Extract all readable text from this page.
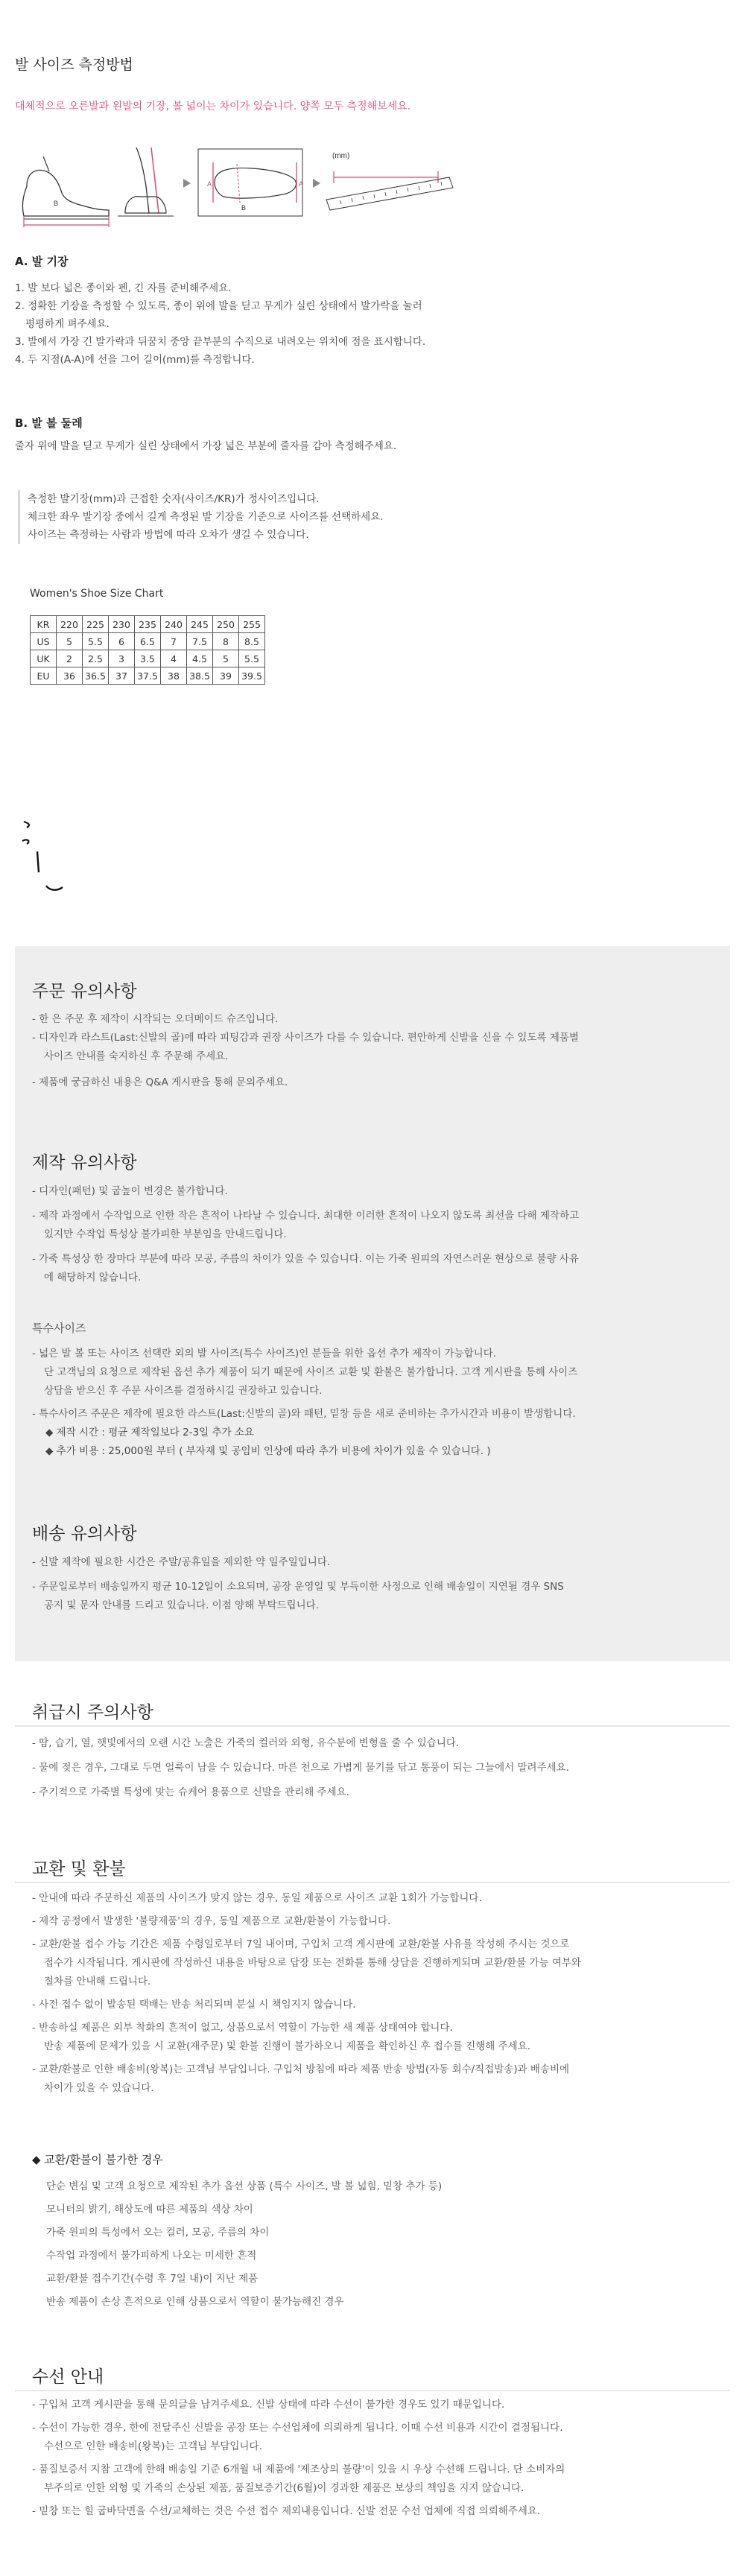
발 사이즈 측정방법
대체적으로 오른발과 왼발의 기장, 볼 넓이는 차이가 있습니다. 양쪽 모두 측정해보세요.
B
A	A
B
(mm)
A. 발 기장
1. 발 보다 넓은 종이와 펜, 긴 자를 준비해주세요.
2. 정확한 기장을 측정할 수 있도록, 종이 위에 발을 딛고 무게가 실린 상태에서 발가락을 눌러
평평하게 펴주세요.
3. 발에서 가장 긴 발가락과 뒤꿈치 중앙 끝부분의 수직으로 내려오는 위치에 점을 표시합니다.
4. 두 지점(A-A)에 선을 그어 길이(mm)를 측정합니다.
B. 발 볼 둘레
줄자 위에 발을 딛고 무게가 실린 상태에서 가장 넓은 부분에 줄자를 감아 측정해주세요.
측정한 발기장(mm)과 근접한 숫자(사이즈/KR)가 정사이즈입니다.
체크한 좌우 발기장 중에서 길게 측정된 발 기장을 기준으로 사이즈를 선택하세요.
사이즈는 측정하는 사람과 방법에 따라 오차가 생길 수 있습니다.
Women's Shoe Size Chart
KR	220	225	230	235	240	245	250	255
US	5	5.5	6	6.5	7	7.5	8	8.5
UK	2	2.5	3	3.5	4	4.5	5	5.5
EU	36	36.5	37	37.5	38	38.5	39	39.5
주문 유의사항
- 한 은 주문 후 제작이 시작되는 오더메이드 슈즈입니다.
- 디자인과 라스트(Last:신발의 골)에 따라 피팅감과 권장 사이즈가 다를 수 있습니다. 편안하게 신발을 신을 수 있도록 제품별
사이즈 안내를 숙지하신 후 주문해 주세요.
- 제품에 궁금하신 내용은 Q&A 게시판을 통해 문의주세요.
제작 유의사항
- 디자인(패턴) 및 굽높이 변경은 불가합니다.
- 제작 과정에서 수작업으로 인한 작은 흔적이 나타날 수 있습니다. 최대한 이러한 흔적이 나오지 않도록 최선을 다해 제작하고
있지만 수작업 특성상 불가피한 부분임을 안내드립니다.
- 가죽 특성상 한 장마다 부분에 따라 모공, 주름의 차이가 있을 수 있습니다. 이는 가죽 원피의 자연스러운 현상으로 불량 사유
에 해당하지 않습니다.
특수사이즈
- 넓은 발 볼 또는 사이즈 선택란 외의 발 사이즈(특수 사이즈)인 분들을 위한 옵션 추가 제작이 가능합니다.
단 고객님의 요청으로 제작된 옵션 추가 제품이 되기 때문에 사이즈 교환 및 환불은 불가합니다. 고객 게시판을 통해 사이즈
상담을 받으신 후 주문 사이즈를 결정하시길 권장하고 있습니다.
- 특수사이즈 주문은 제작에 필요한 라스트(Last:신발의 골)와 패턴, 밑창 등을 새로 준비하는 추가시간과 비용이 발생합니다.
◆ 제작 시간 : 평균 제작일보다 2-3일 추가 소요
◆ 추가 비용 : 25,000원 부터 ( 부자재 및 공임비 인상에 따라 추가 비용에 차이가 있을 수 있습니다. )
배송 유의사항
- 신발 제작에 필요한 시간은 주말/공휴일을 제외한 약 일주일입니다.
- 주문일로부터 배송일까지 평균 10-12일이 소요되며, 공장 운영일 및 부득이한 사정으로 인해 배송일이 지연될 경우 SNS
공지 및 문자 안내를 드리고 있습니다. 이점 양해 부탁드립니다.
취급시 주의사항
- 땀, 습기, 열, 햇빛에서의 오랜 시간 노출은 가죽의 컬러와 외형, 유수분에 변형을 줄 수 있습니다.
- 물에 젖은 경우, 그대로 두면 얼룩이 남을 수 있습니다. 마른 천으로 가볍게 물기를 닦고 통풍이 되는 그늘에서 말려주세요.
- 주기적으로 가죽별 특성에 맞는 슈케어 용품으로 신발을 관리해 주세요.
교환 및 환불
- 안내에 따라 주문하신 제품의 사이즈가 맞지 않는 경우, 동일 제품으로 사이즈 교환 1회가 가능합니다.
- 제작 공정에서 발생한 '불량제품'의 경우, 동일 제품으로 교환/환불이 가능합니다.
- 교환/환불 접수 가능 기간은 제품 수령일로부터 7일 내이며, 구입처 고객 게시판에 교환/환불 사유를 작성해 주시는 것으로
접수가 시작됩니다. 게시판에 작성하신 내용을 바탕으로 답장 또는 전화를 통해 상담을 진행하게되며 교환/환불 가능 여부와
절차를 안내해 드립니다.
- 사전 접수 없이 발송된 택배는 반송 처리되며 분실 시 책임지지 않습니다.
- 반송하실 제품은 외부 착화의 흔적이 없고, 상품으로서 역할이 가능한 새 제품 상태여야 합니다.
반송 제품에 문제가 있을 시 교환(재주문) 및 환불 진행이 불가하오니 제품을 확인하신 후 접수를 진행해 주세요.
- 교환/환불로 인한 배송비(왕복)는 고객님 부담입니다. 구입처 방침에 따라 제품 반송 방법(자동 회수/직접발송)과 배송비에
차이가 있을 수 있습니다.
◆ 교환/환불이 불가한 경우
단순 변심 및 고객 요청으로 제작된 추가 옵션 상품 (특수 사이즈, 발 볼 넓힘, 밑창 추가 등)
모니터의 밝기, 해상도에 따른 제품의 색상 차이
가죽 원피의 특성에서 오는 컬러, 모공, 주름의 차이
수작업 과정에서 불가피하게 나오는 미세한 흔적
교환/환불 접수기간(수령 후 7일 내)이 지난 제품
반송 제품이 손상 흔적으로 인해 상품으로서 역할이 불가능해진 경우
수선 안내
- 구입처 고객 게시판을 통해 문의글을 남겨주세요. 신발 상태에 따라 수선이 불가한 경우도 있기 때문입니다.
- 수선이 가능한 경우, 한에 전달주신 신발을 공장 또는 수선업체에 의뢰하게 됩니다. 이때 수선 비용과 시간이 결정됩니다.
수선으로 인한 배송비(왕복)는 고객님 부담입니다.
- 품질보증서 지참 고객에 한해 배송일 기준 6개월 내 제품에 '제조상의 불량'이 있을 시 우상 수선해 드립니다. 단 소비자의
부주의로 인한 외형 및 가죽의 손상된 제품, 품질보증기간(6월)이 경과한 제품은 보상의 책임을 지지 않습니다.
- 밑창 또는 힐 굽바닥면을 수선/교체하는 것은 수선 접수 제외내용입니다. 신발 전문 수선 업체에 직접 의뢰해주세요.
